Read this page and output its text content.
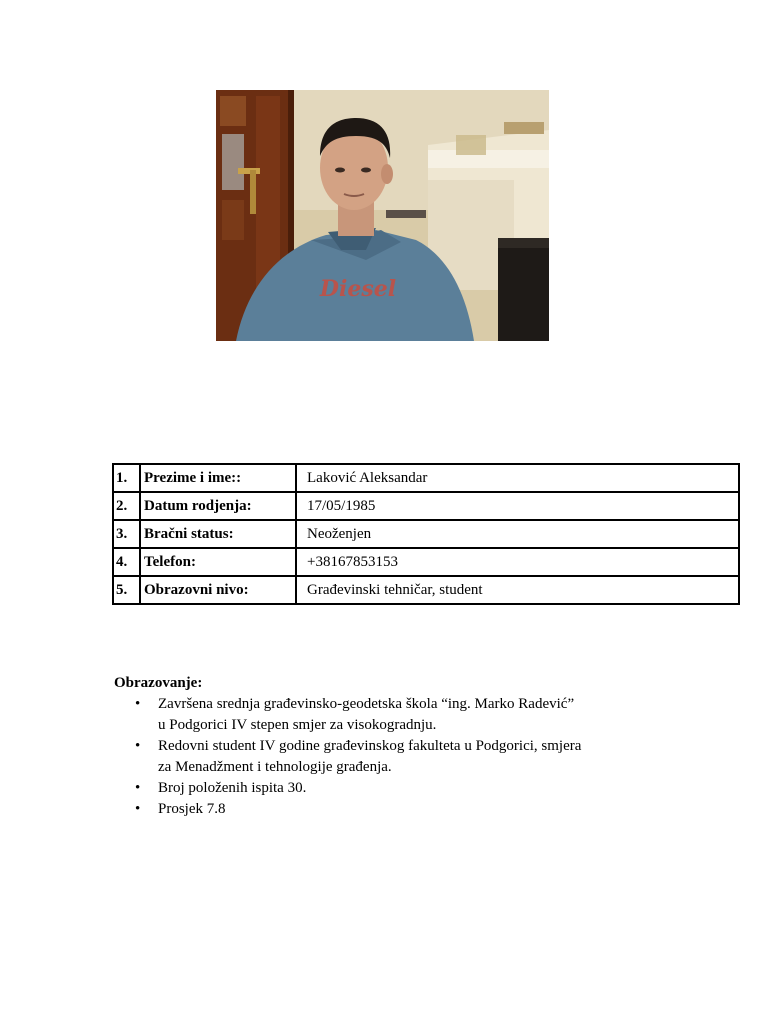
Diesel
1.	Prezime i ime::	Laković Aleksandar
2.	Datum rodjenja:	17/05/1985
3.	Bračni status:	Neoženjen
4.	Telefon:	+38167853153
5.	Obrazovni nivo:	Građevinski tehničar, student
Obrazovanje:
• Završena srednja građevinsko-geodetska škola “ing. Marko Radević”
u Podgorici IV stepen smjer za visokogradnju.
• Redovni student IV godine građevinskog fakulteta u Podgorici, smjera
za Menadžment i tehnologije građenja.
• Broj položenih ispita 30.
• Prosjek 7.8
